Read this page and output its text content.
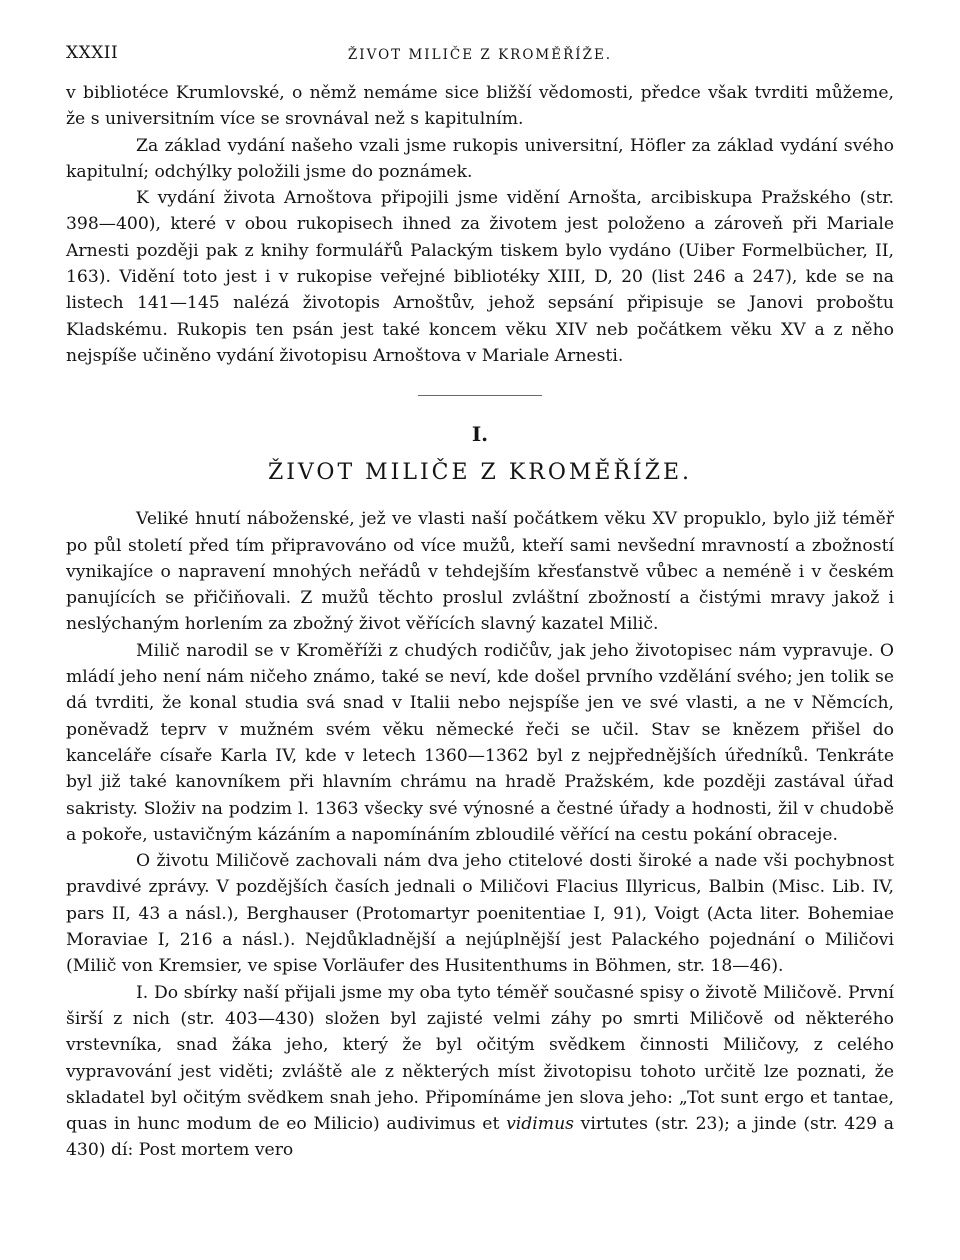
XXXII	ŽIVOT MILIČE Z KROMĚŘÍŽE.

v bibliotéce Krumlovské, o němž nemáme sice bližší vědomosti, předce však tvrditi můžeme, že s universitním více se srovnával než s kapitulním.

Za základ vydání našeho vzali jsme rukopis universitní, Höfler za základ vydání svého kapitulní; odchýlky položili jsme do poznámek.

K vydání života Arnoštova připojili jsme vidění Arnošta, arcibiskupa Pražského (str. 398—400), které v obou rukopisech ihned za životem jest položeno a zároveň při Mariale Arnesti později pak z knihy formulářů Palackým tiskem bylo vydáno (Uiber Formelbücher, II, 163). Vidění toto jest i v rukopise veřejné bibliotéky XIII, D, 20 (list 246 a 247), kde se na listech 141—145 nalézá životopis Arnoštův, jehož sepsání připisuje se Janovi proboštu Kladskému. Rukopis ten psán jest také koncem věku XIV neb počátkem věku XV a z něho nejspíše učiněno vydání životopisu Arnoštova v Mariale Arnesti.

I.
ŽIVOT MILIČE Z KROMĚŘÍŽE.

Veliké hnutí náboženské, jež ve vlasti naší počátkem věku XV propuklo, bylo již téměř po půl století před tím připravováno od více mužů, kteří sami nevšední mravností a zbožností vynikajíce o napravení mnohých neřádů v tehdejším křesťanstvě vůbec a neméně i v českém panujících se přičiňovali. Z mužů těchto proslul zvláštní zbožností a čistými mravy jakož i neslýchaným horlením za zbožný život věřících slavný kazatel Milič.

Milič narodil se v Kroměříži z chudých rodičův, jak jeho životopisec nám vypravuje. O mládí jeho není nám ničeho známo, také se neví, kde došel prvního vzdělání svého; jen tolik se dá tvrditi, že konal studia svá snad v Italii nebo nejspíše jen ve své vlasti, a ne v Němcích, poněvadž teprv v mužném svém věku německé řeči se učil. Stav se knězem přišel do kanceláře císaře Karla IV, kde v letech 1360—1362 byl z nejpřednějších úředníků. Tenkráte byl již také kanovníkem při hlavním chrámu na hradě Pražském, kde později zastával úřad sakristy. Složiv na podzim l. 1363 všecky své výnosné a čestné úřady a hodnosti, žil v chudobě a pokoře, ustavičným kázáním a napomínáním zbloudilé věřící na cestu pokání obraceje.

O životu Miličově zachovali nám dva jeho ctitelové dosti široké a nade vši pochybnost pravdivé zprávy. V pozdějších časích jednali o Miličovi Flacius Illyricus, Balbin (Misc. Lib. IV, pars II, 43 a násl.), Berghauser (Protomartyr poenitentiae I, 91), Voigt (Acta liter. Bohemiae Moraviae I, 216 a násl.). Nejdůkladnější a nejúplnější jest Palackého pojednání o Miličovi (Milič von Kremsier, ve spise Vorläufer des Husitenthums in Böhmen, str. 18—46).

I. Do sbírky naší přijali jsme my oba tyto téměř současné spisy o životě Miličově. První širší z nich (str. 403—430) složen byl zajisté velmi záhy po smrti Miličově od některého vrstevníka, snad žáka jeho, který že byl očitým svědkem činnosti Miličovy, z celého vypravování jest viděti; zvláště ale z některých míst životopisu tohoto určitě lze poznati, že skladatel byl očitým svědkem snah jeho. Připomínáme jen slova jeho: „Tot sunt ergo et tantae, quas in hunc modum de eo Milicio) audivimus et vidimus virtutes (str. 23); a jinde (str. 429 a 430) dí: Post mortem vero
